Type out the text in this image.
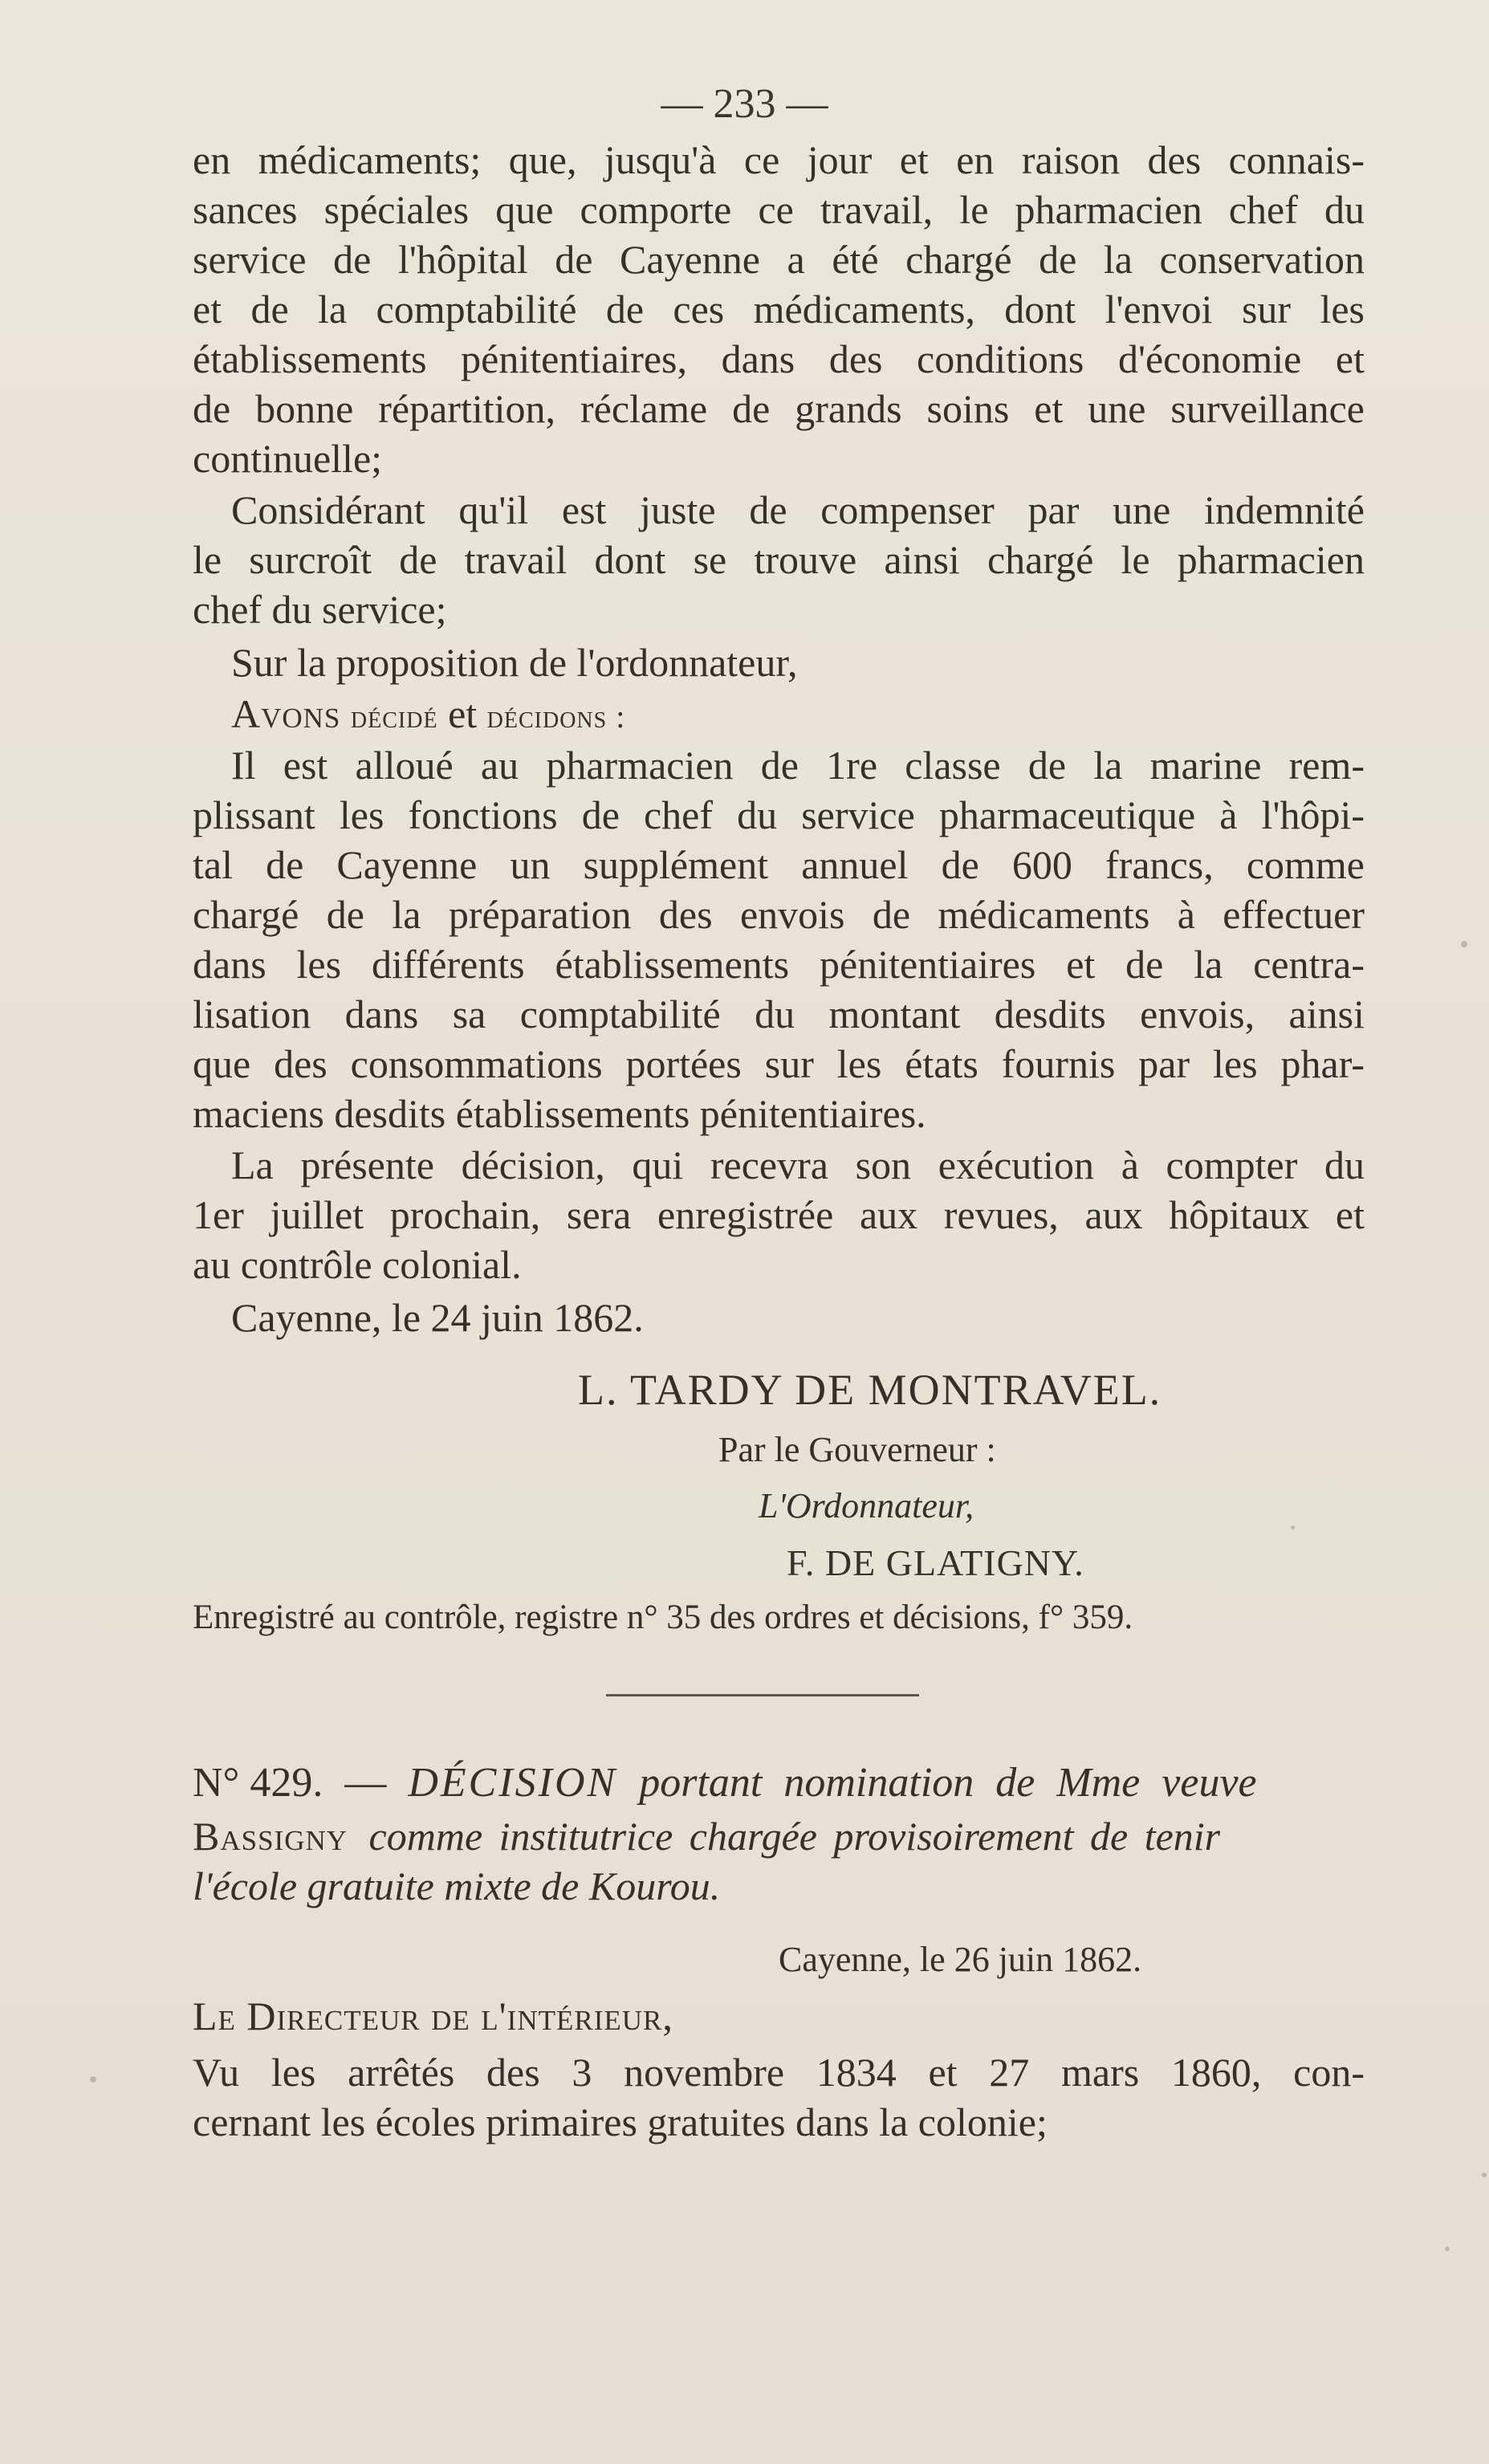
— 233 —
en médicaments; que, jusqu'à ce jour et en raison des connais-
sances spéciales que comporte ce travail, le pharmacien chef du
service de l'hôpital de Cayenne a été chargé de la conservation
et de la comptabilité de ces médicaments, dont l'envoi sur les
établissements pénitentiaires, dans des conditions d'économie et
de bonne répartition, réclame de grands soins et une surveillance
continuelle;
Considérant qu'il est juste de compenser par une indemnité
le surcroît de travail dont se trouve ainsi chargé le pharmacien
chef du service;
Sur la proposition de l'ordonnateur,
Avons décidé et décidons :
Il est alloué au pharmacien de 1re classe de la marine rem-
plissant les fonctions de chef du service pharmaceutique à l'hôpi-
tal de Cayenne un supplément annuel de 600 francs, comme
chargé de la préparation des envois de médicaments à effectuer
dans les différents établissements pénitentiaires et de la centra-
lisation dans sa comptabilité du montant desdits envois, ainsi
que des consommations portées sur les états fournis par les phar-
maciens desdits établissements pénitentiaires.
La présente décision, qui recevra son exécution à compter du
1er juillet prochain, sera enregistrée aux revues, aux hôpitaux et
au contrôle colonial.
Cayenne, le 24 juin 1862.
L. TARDY DE MONTRAVEL.
Par le Gouverneur :
L'Ordonnateur,
F. DE GLATIGNY.
Enregistré au contrôle, registre n° 35 des ordres et décisions, f° 359.
N° 429. — DÉCISION portant nomination de Mme veuve
Bassigny comme institutrice chargée provisoirement de tenir
l'école gratuite mixte de Kourou.
Cayenne, le 26 juin 1862.
Le Directeur de l'intérieur,
Vu les arrêtés des 3 novembre 1834 et 27 mars 1860, con-
cernant les écoles primaires gratuites dans la colonie;
